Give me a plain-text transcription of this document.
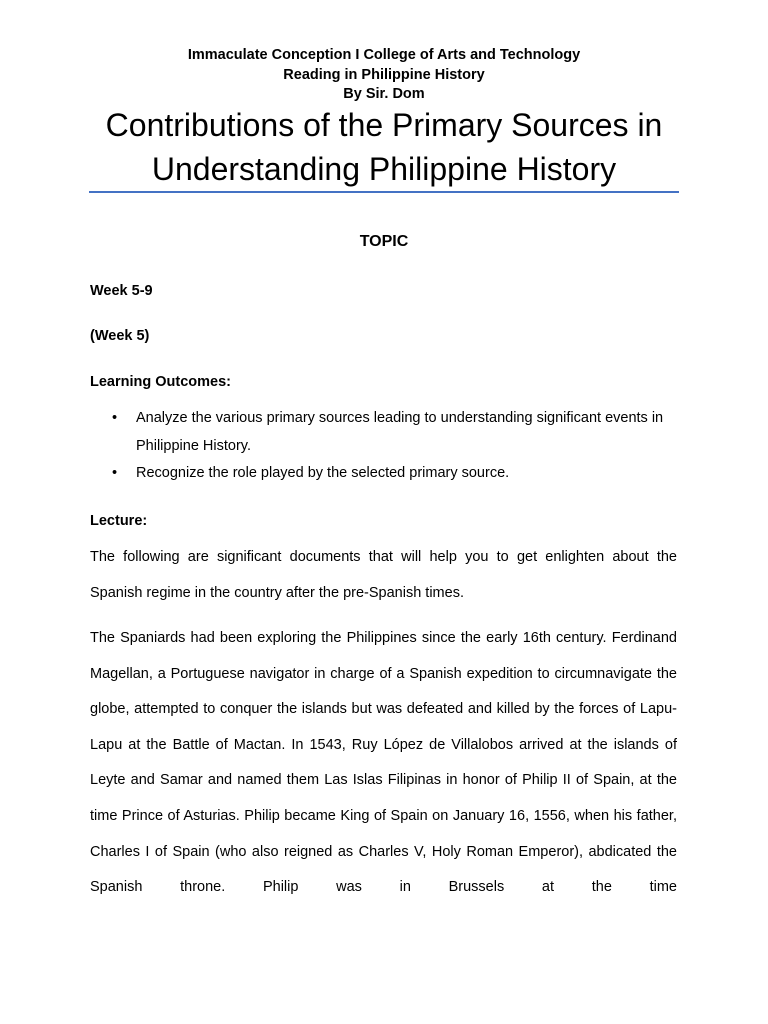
Immaculate Conception I College of Arts and Technology
Reading in Philippine History
By Sir. Dom
Contributions of the Primary Sources in
Understanding Philippine History
TOPIC
Week 5-9
(Week 5)
Learning Outcomes:
• Analyze the various primary sources leading to understanding significant events in Philippine History.
• Recognize the role played by the selected primary source.
Lecture:

The following are significant documents that will help you to get enlighten about the Spanish regime in the country after the pre-Spanish times.

The Spaniards had been exploring the Philippines since the early 16th century. Ferdinand Magellan, a Portuguese navigator in charge of a Spanish expedition to circumnavigate the globe, attempted to conquer the islands but was defeated and killed by the forces of Lapu-Lapu at the Battle of Mactan. In 1543, Ruy López de Villalobos arrived at the islands of Leyte and Samar and named them Las Islas Filipinas in honor of Philip II of Spain, at the time Prince of Asturias. Philip became King of Spain on January 16, 1556, when his father, Charles I of Spain (who also reigned as Charles V, Holy Roman Emperor), abdicated the Spanish throne. Philip was in Brussels at the time
